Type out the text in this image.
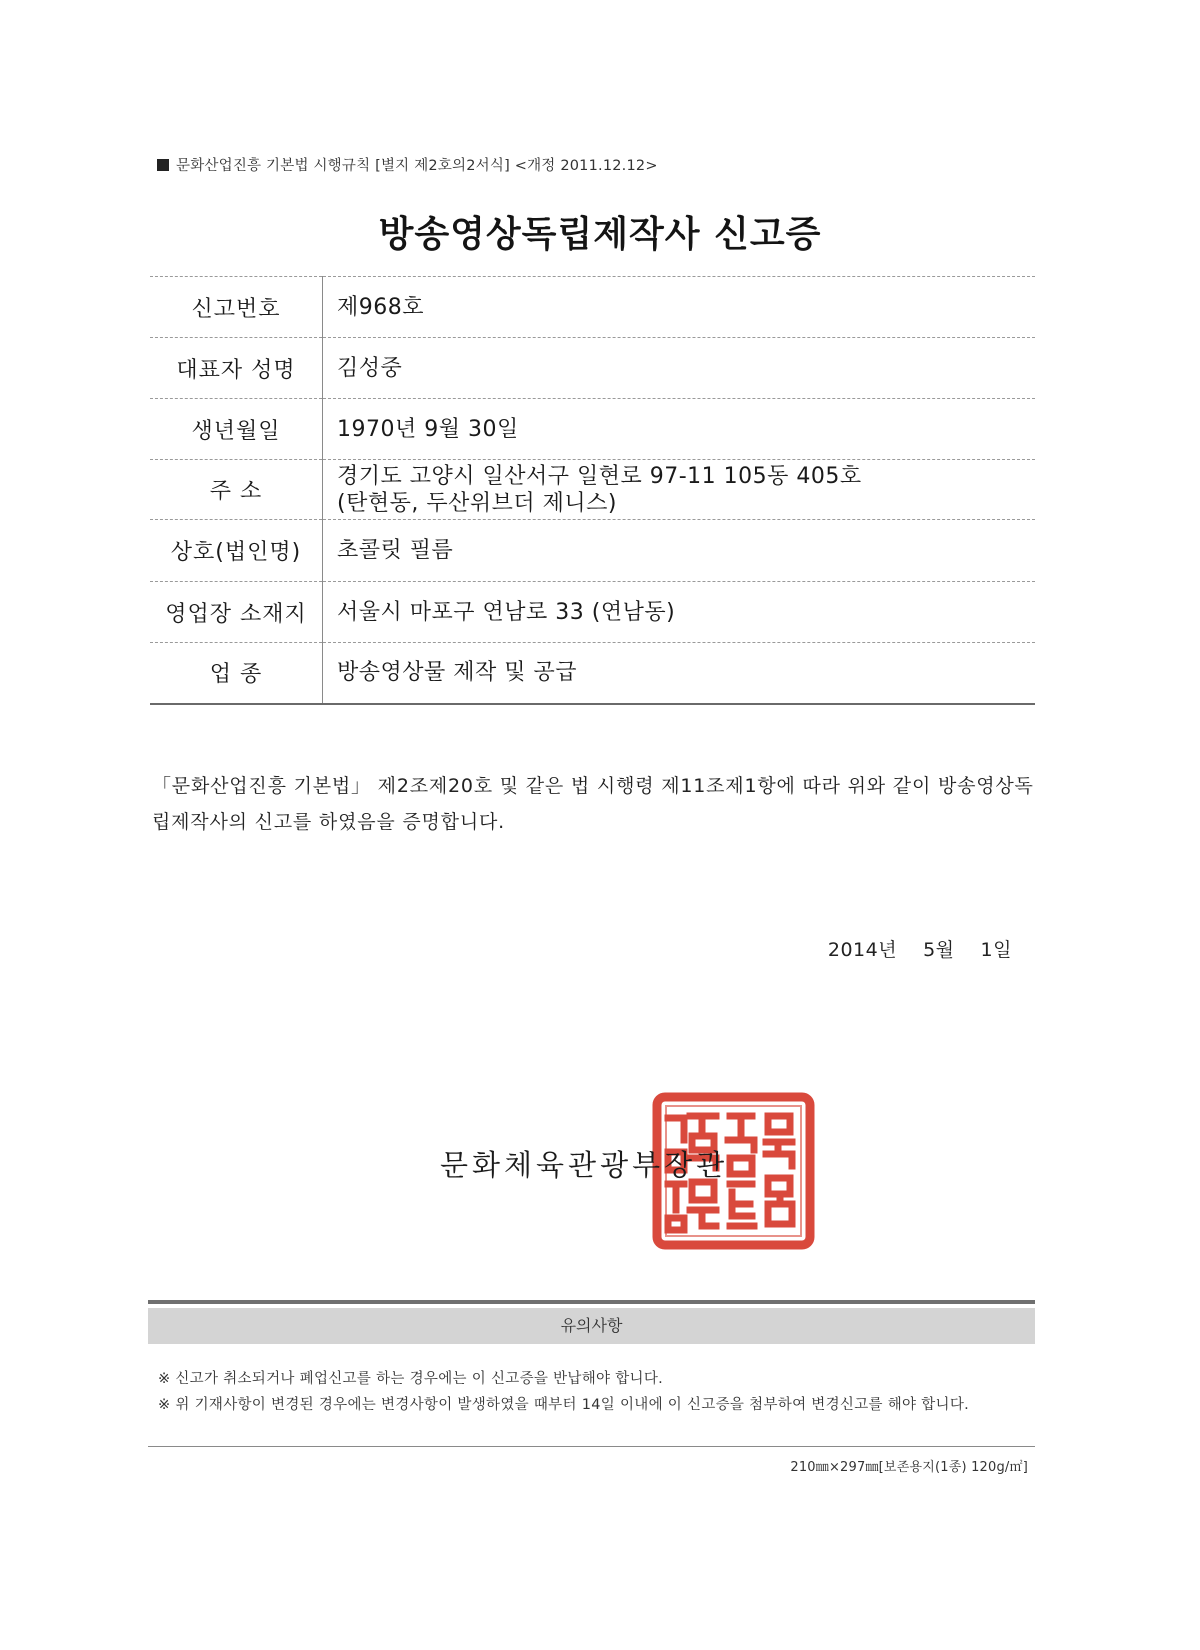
문화산업진흥 기본법 시행규칙 [별지 제2호의2서식] <개정 2011.12.12>
방송영상독립제작사 신고증
신고번호	제968호

대표자 성명	김성중

생년월일	1970년 9월 30일

주 소	경기도 고양시 일산서구 일현로 97-11 105동 405호
(탄현동, 두산위브더 제니스)

상호(법인명)	초콜릿 필름

영업장 소재지	서울시 마포구 연남로 33 (연남동)

업 종	방송영상물 제작 및 공급
「문화산업진흥 기본법」 제2조제20호 및 같은 법 시행령 제11조제1항에 따라 위와 같이 방송영상독립제작사의 신고를 하였음을 증명합니다.
2014년 5월 1일
문화체육관광부장관
유의사항
※ 신고가 취소되거나 폐업신고를 하는 경우에는 이 신고증을 반납해야 합니다.
※ 위 기재사항이 변경된 경우에는 변경사항이 발생하였을 때부터 14일 이내에 이 신고증을 첨부하여 변경신고를 해야 합니다.
210㎜×297㎜[보존용지(1종) 120g/㎡]
